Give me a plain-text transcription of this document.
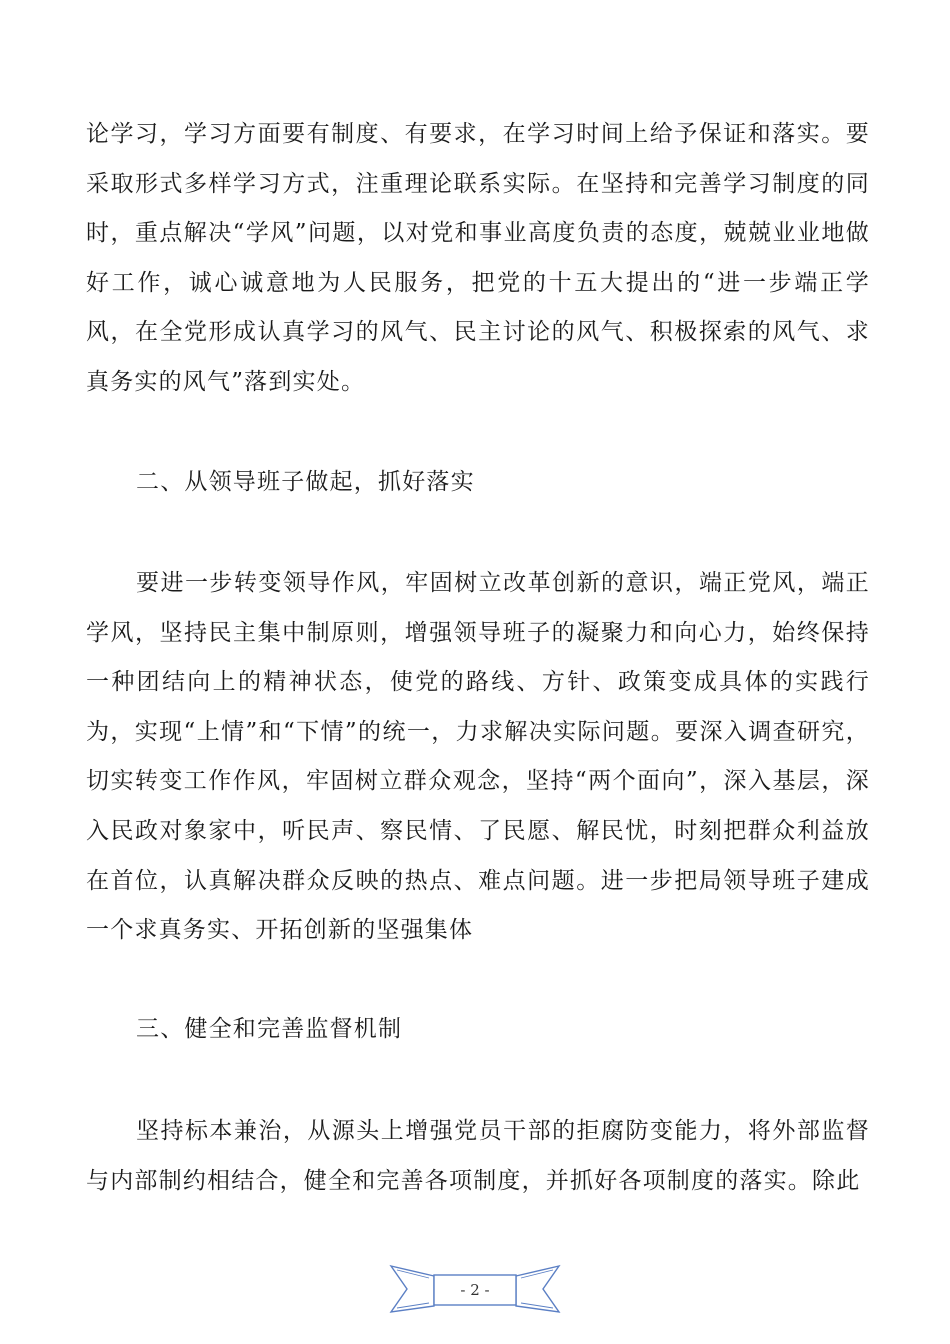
论学习，学习方面要有制度、有要求，在学习时间上给予保证和落实。要采取形式多样学习方式，注重理论联系实际。在坚持和完善学习制度的同时，重点解决“学风”问题，以对党和事业高度负责的态度，兢兢业业地做好工作，诚心诚意地为人民服务，把党的十五大提出的“进一步端正学风，在全党形成认真学习的风气、民主讨论的风气、积极探索的风气、求真务实的风气”落到实处。

二、从领导班子做起，抓好落实

要进一步转变领导作风，牢固树立改革创新的意识，端正党风，端正学风，坚持民主集中制原则，增强领导班子的凝聚力和向心力，始终保持一种团结向上的精神状态，使党的路线、方针、政策变成具体的实践行为，实现“上情”和“下情”的统一，力求解决实际问题。要深入调查研究，切实转变工作作风，牢固树立群众观念，坚持“两个面向”，深入基层，深入民政对象家中，听民声、察民情、了民愿、解民忧，时刻把群众利益放在首位，认真解决群众反映的热点、难点问题。进一步把局领导班子建成一个求真务实、开拓创新的坚强集体

三、健全和完善监督机制

坚持标本兼治，从源头上增强党员干部的拒腐防变能力，将外部监督与内部制约相结合，健全和完善各项制度，并抓好各项制度的落实。除此

- 2 -
